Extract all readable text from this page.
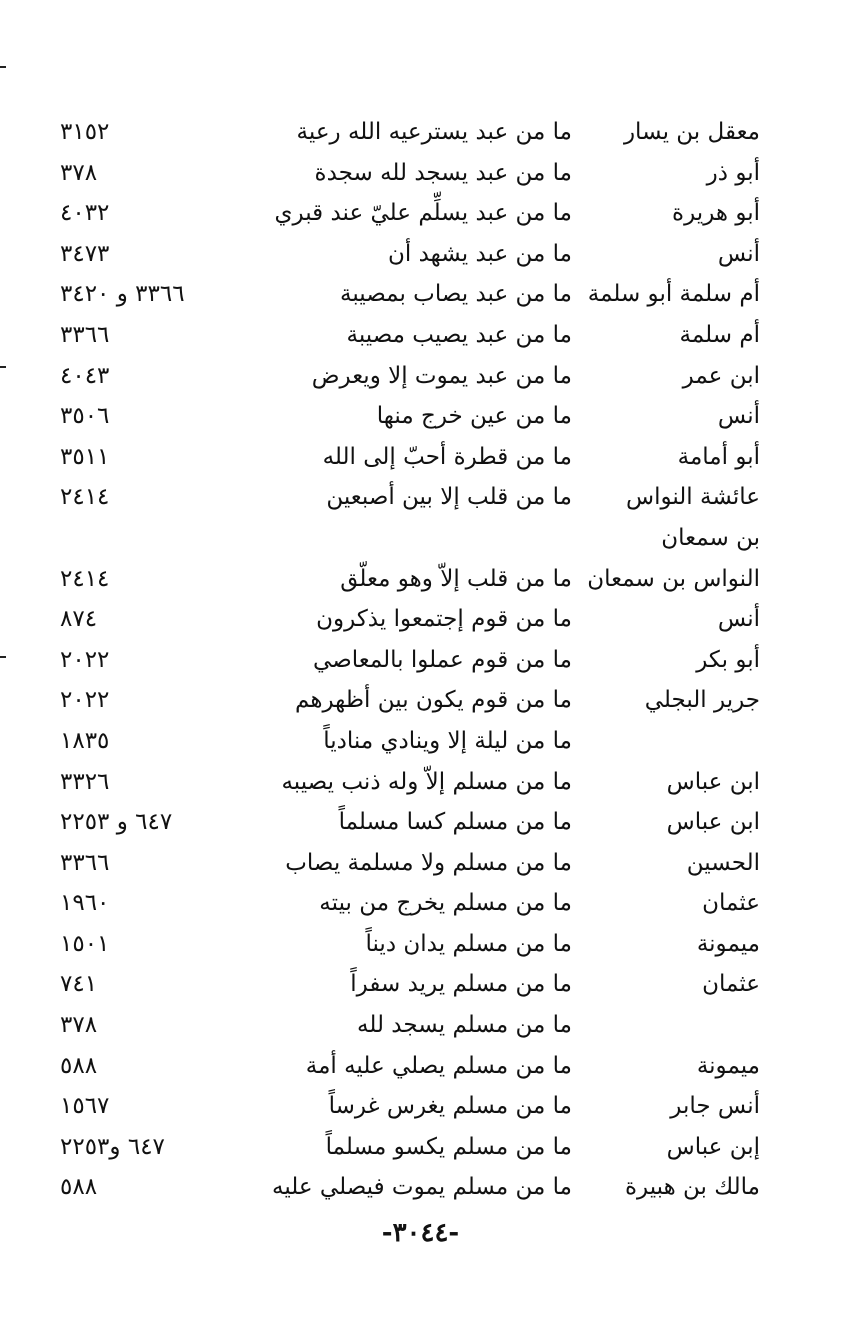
معقل بن يسار
ما من عبد يسترعيه الله رعية
٣١٥٢
أبو ذر
ما من عبد يسجد لله سجدة
٣٧٨
أبو هريرة
ما من عبد يسلِّم عليّ عند قبري
٤٠٣٢
أنس
ما من عبد يشهد أن
٣٤٧٣
أم سلمة أبو سلمة
ما من عبد يصاب بمصيبة
٣٣٦٦ و ٣٤٢٠
أم سلمة
ما من عبد يصيب مصيبة
٣٣٦٦
ابن عمر
ما من عبد يموت إلا ويعرض
٤٠٤٣
أنس
ما من عين خرج منها
٣٥٠٦
أبو أمامة
ما من قطرة أحبّ إلى الله
٣٥١١
عائشة النواس
ما من قلب إلا بين أصبعين
٢٤١٤
بن سمعان
النواس بن سمعان
ما من قلب إلاّ وهو معلّق
٢٤١٤
أنس
ما من قوم إجتمعوا يذكرون
٨٧٤
أبو بكر
ما من قوم عملوا بالمعاصي
٢٠٢٢
جرير البجلي
ما من قوم يكون بين أظهرهم
٢٠٢٢
ما من ليلة إلا وينادي منادياً
١٨٣٥
ابن عباس
ما من مسلم إلاّ وله ذنب يصيبه
٣٣٢٦
ابن عباس
ما من مسلم كسا مسلماً
٦٤٧ و ٢٢٥٣
الحسين
ما من مسلم ولا مسلمة يصاب
٣٣٦٦
عثمان
ما من مسلم يخرج من بيته
١٩٦٠
ميمونة
ما من مسلم يدان ديناً
١٥٠١
عثمان
ما من مسلم يريد سفراً
٧٤١
ما من مسلم يسجد لله
٣٧٨
ميمونة
ما من مسلم يصلي عليه أمة
٥٨٨
أنس جابر
ما من مسلم يغرس غرساً
١٥٦٧
إبن عباس
ما من مسلم يكسو مسلماً
٦٤٧ و٢٢٥٣
مالك بن هبيرة
ما من مسلم يموت فيصلي عليه
٥٨٨
-٣٠٤٤-
